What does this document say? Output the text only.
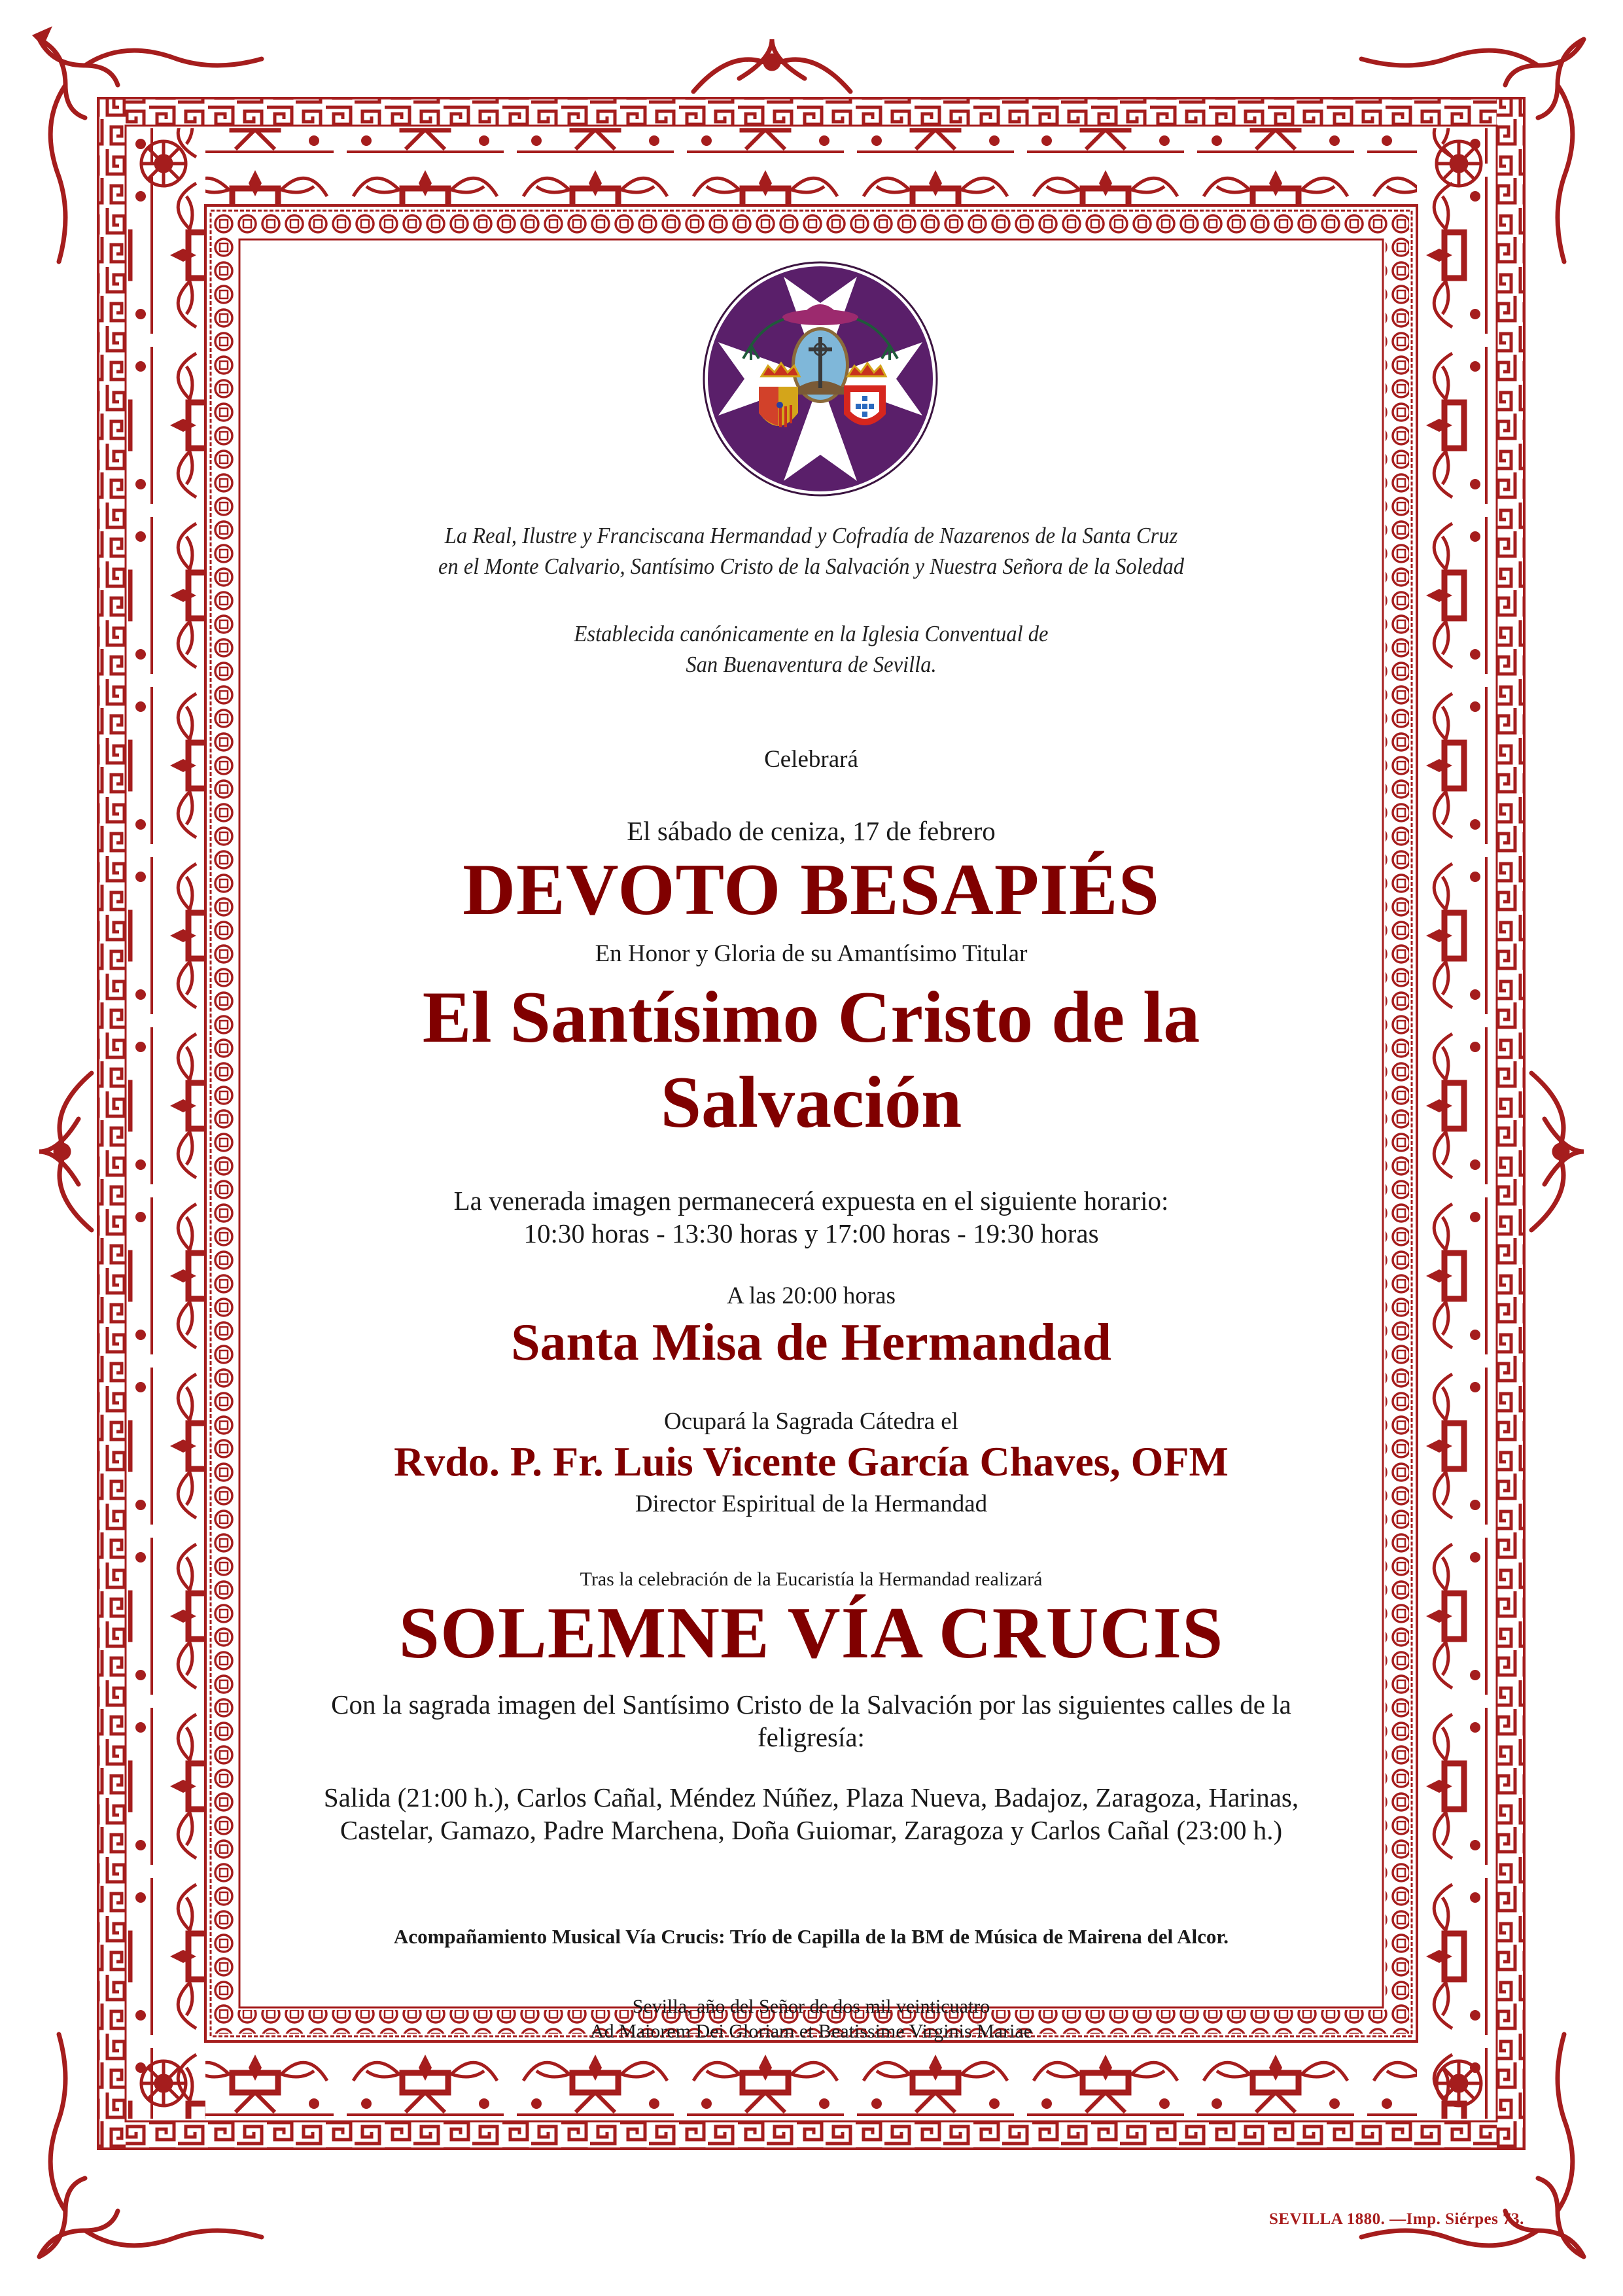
La Real, Ilustre y Franciscana Hermandad y Cofradía de Nazarenos de la Santa Cruz
en el Monte Calvario, Santísimo Cristo de la Salvación y Nuestra Señora de la Soledad
Establecida canónicamente en la Iglesia Conventual de
San Buenaventura de Sevilla.
Celebrará
El sábado de ceniza, 17 de febrero
DEVOTO BESAPIÉS
En Honor y Gloria de su Amantísimo Titular
El Santísimo Cristo de la
Salvación
La venerada imagen permanecerá expuesta en el siguiente horario:
10:30 horas - 13:30 horas y 17:00 horas - 19:30 horas
A las 20:00 horas
Santa Misa de Hermandad
Ocupará la Sagrada Cátedra el
Rvdo. P. Fr. Luis Vicente García Chaves, OFM
Director Espiritual de la Hermandad
Tras la celebración de la Eucaristía la Hermandad realizará
SOLEMNE VÍA CRUCIS
Con la sagrada imagen del Santísimo Cristo de la Salvación por las siguientes calles de la
feligresía:
Salida (21:00 h.), Carlos Cañal, Méndez Núñez, Plaza Nueva, Badajoz, Zaragoza, Harinas,
Castelar, Gamazo, Padre Marchena, Doña Guiomar, Zaragoza y Carlos Cañal (23:00 h.)
Acompañamiento Musical Vía Crucis: Trío de Capilla de la BM de Música de Mairena del Alcor.
Sevilla, año del Señor de dos mil veinticuatro
Ad Maiorem Dei Gloriam et Beatissime Virginis Mariae
SEVILLA 1880. —Imp. Siérpes 73.
